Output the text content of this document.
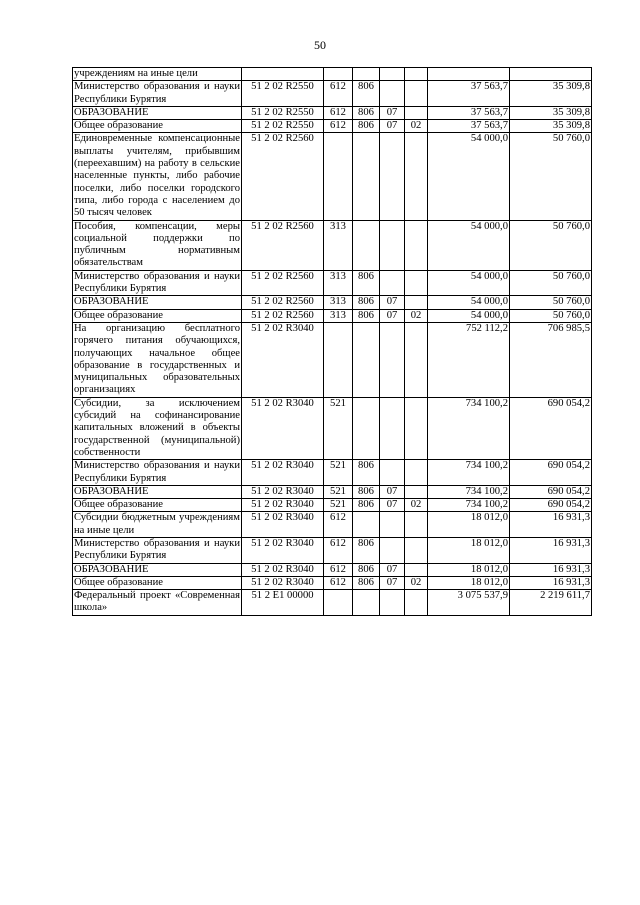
50
учреждениям на иные цели							
Министерство образования и науки Республики Бурятия	51 2 02 R2550	612	806			37 563,7	35 309,8
ОБРАЗОВАНИЕ	51 2 02 R2550	612	806	07		37 563,7	35 309,8
Общее образование	51 2 02 R2550	612	806	07	02	37 563,7	35 309,8
Единовременные компенсационные выплаты учителям, прибывшим (переехавшим) на работу в сельские населенные пункты, либо рабочие поселки, либо поселки городского типа, либо города с населением до 50 тысяч человек	51 2 02 R2560					54 000,0	50 760,0
Пособия, компенсации, меры социальной поддержки по публичным нормативным обязательствам	51 2 02 R2560	313				54 000,0	50 760,0
Министерство образования и науки Республики Бурятия	51 2 02 R2560	313	806			54 000,0	50 760,0
ОБРАЗОВАНИЕ	51 2 02 R2560	313	806	07		54 000,0	50 760,0
Общее образование	51 2 02 R2560	313	806	07	02	54 000,0	50 760,0
На организацию бесплатного горячего питания обучающихся, получающих начальное общее образование в государственных и муниципальных образовательных организациях	51 2 02 R3040					752 112,2	706 985,5
Субсидии, за исключением субсидий на софинансирование капитальных вложений в объекты государственной (муниципальной) собственности	51 2 02 R3040	521				734 100,2	690 054,2
Министерство образования и науки Республики Бурятия	51 2 02 R3040	521	806			734 100,2	690 054,2
ОБРАЗОВАНИЕ	51 2 02 R3040	521	806	07		734 100,2	690 054,2
Общее образование	51 2 02 R3040	521	806	07	02	734 100,2	690 054,2
Субсидии бюджетным учреждениям на иные цели	51 2 02 R3040	612				18 012,0	16 931,3
Министерство образования и науки Республики Бурятия	51 2 02 R3040	612	806			18 012,0	16 931,3
ОБРАЗОВАНИЕ	51 2 02 R3040	612	806	07		18 012,0	16 931,3
Общее образование	51 2 02 R3040	612	806	07	02	18 012,0	16 931,3
Федеральный проект «Современная школа»	51 2 E1 00000					3 075 537,9	2 219 611,7
